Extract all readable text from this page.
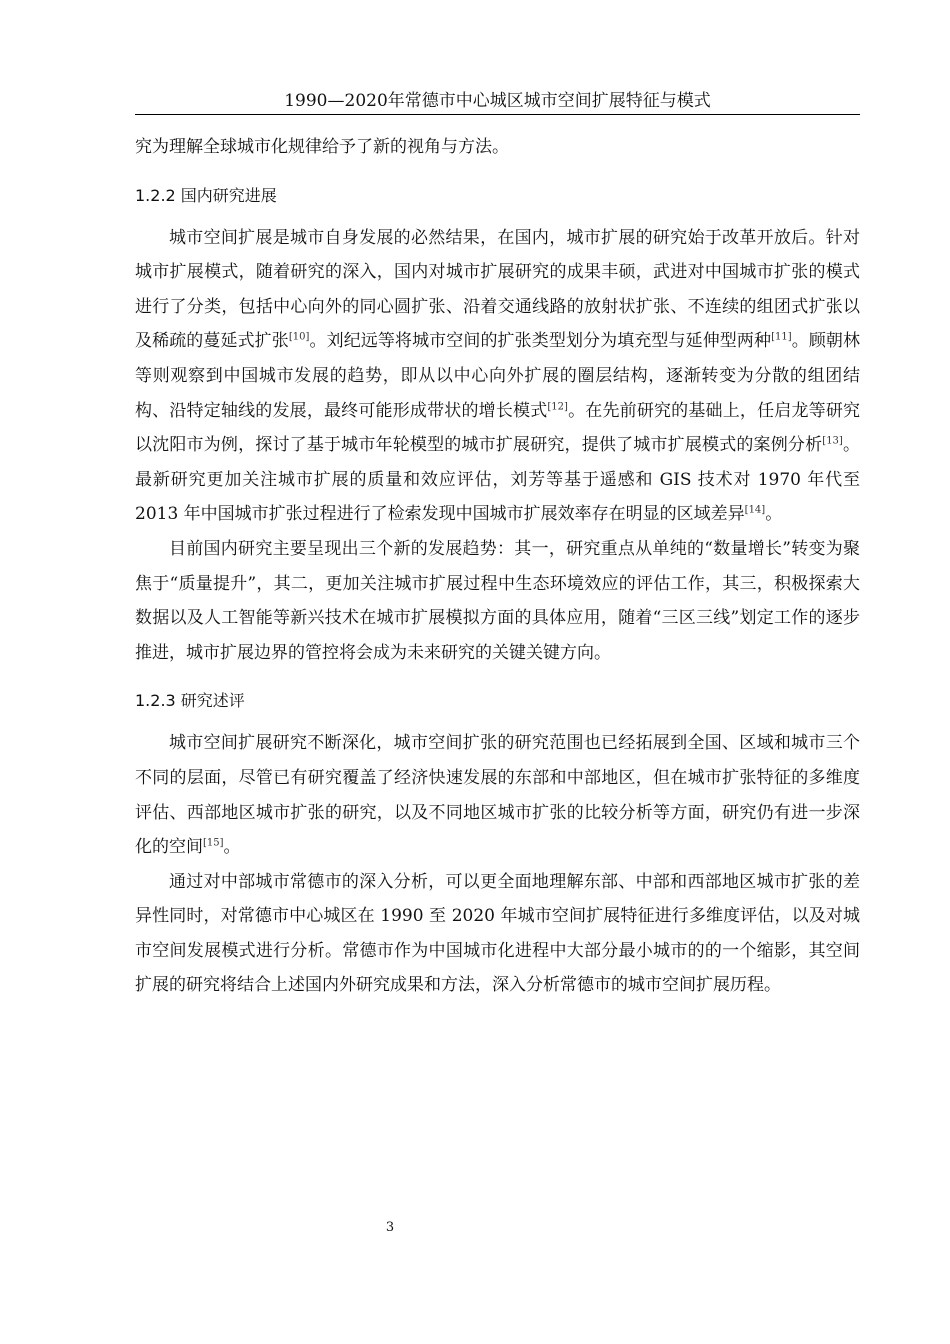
1990—2020年常德市中心城区城市空间扩展特征与模式

究为理解全球城市化规律给予了新的视角与方法。

1.2.2 国内研究进展

城市空间扩展是城市自身发展的必然结果，在国内，城市扩展的研究始于改革开放后。针对城市扩展模式，随着研究的深入，国内对城市扩展研究的成果丰硕，武进对中国城市扩张的模式进行了分类，包括中心向外的同心圆扩张、沿着交通线路的放射状扩张、不连续的组团式扩张以及稀疏的蔓延式扩张[10]。刘纪远等将城市空间的扩张类型划分为填充型与延伸型两种[11]。顾朝林等则观察到中国城市发展的趋势，即从以中心向外扩展的圈层结构，逐渐转变为分散的组团结构、沿特定轴线的发展，最终可能形成带状的增长模式[12]。在先前研究的基础上，任启龙等研究以沈阳市为例，探讨了基于城市年轮模型的城市扩展研究，提供了城市扩展模式的案例分析[13]。最新研究更加关注城市扩展的质量和效应评估，刘芳等基于遥感和 GIS 技术对 1970 年代至 2013 年中国城市扩张过程进行了检索发现中国城市扩展效率存在明显的区域差异[14]。

目前国内研究主要呈现出三个新的发展趋势：其一，研究重点从单纯的“数量增长”转变为聚焦于“质量提升”，其二，更加关注城市扩展过程中生态环境效应的评估工作，其三，积极探索大数据以及人工智能等新兴技术在城市扩展模拟方面的具体应用，随着“三区三线”划定工作的逐步推进，城市扩展边界的管控将会成为未来研究的关键关键方向。

1.2.3 研究述评

城市空间扩展研究不断深化，城市空间扩张的研究范围也已经拓展到全国、区域和城市三个不同的层面，尽管已有研究覆盖了经济快速发展的东部和中部地区，但在城市扩张特征的多维度评估、西部地区城市扩张的研究，以及不同地区城市扩张的比较分析等方面，研究仍有进一步深化的空间[15]。

通过对中部城市常德市的深入分析，可以更全面地理解东部、中部和西部地区城市扩张的差异性同时，对常德市中心城区在 1990 至 2020 年城市空间扩展特征进行多维度评估，以及对城市空间发展模式进行分析。常德市作为中国城市化进程中大部分最小城市的的一个缩影，其空间扩展的研究将结合上述国内外研究成果和方法，深入分析常德市的城市空间扩展历程。

3
